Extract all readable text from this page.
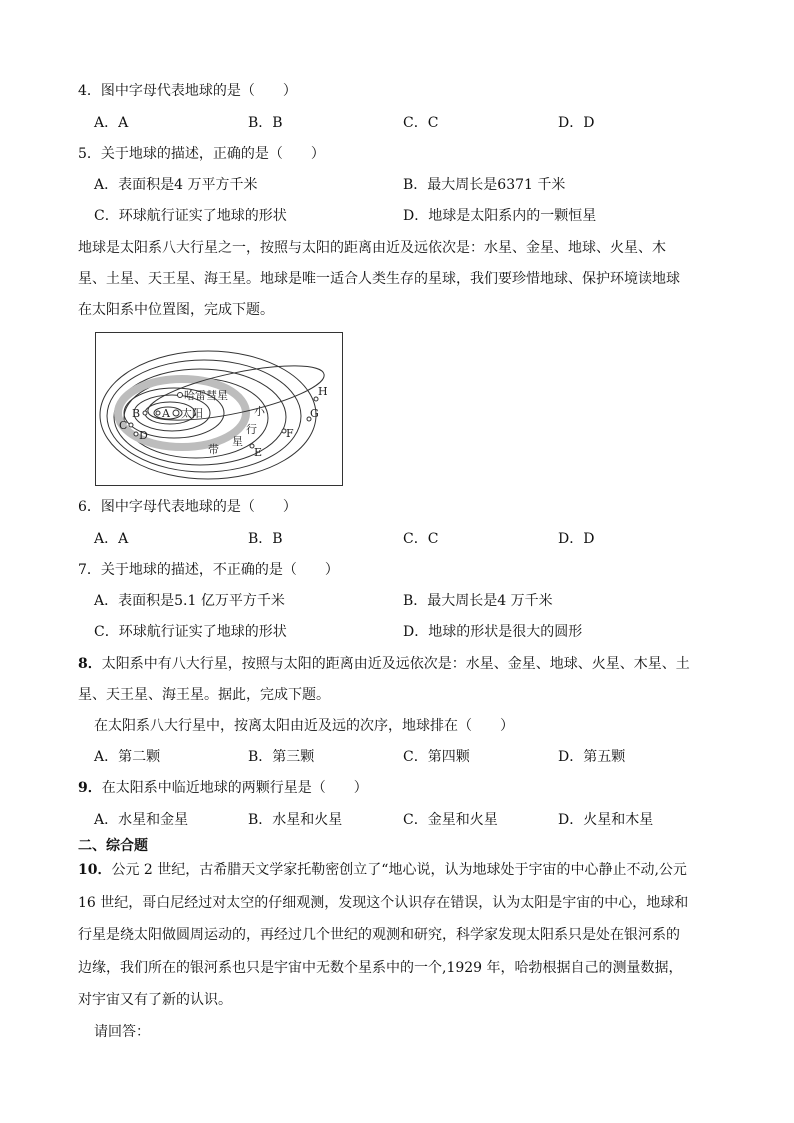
4．图中字母代表地球的是（　　）
A．A	B．B	C．C	D．D
5．关于地球的描述，正确的是（　　）
A．表面积是4 万平方千米	B．最大周长是6371 千米
C．环球航行证实了地球的形状	D．地球是太阳系内的一颗恒星
地球是太阳系八大行星之一，按照与太阳的距离由近及远依次是：水星、金星、地球、火星、木
星、土星、天王星、海王星。地球是唯一适合人类生存的星球，我们要珍惜地球、保护环境读地球
在太阳系中位置图，完成下题。
太阳
哈雷彗星
A
B
C
D
E
F
G
H
小
行
星
带
6．图中字母代表地球的是（　　）
A．A	B．B	C．C	D．D
7．关于地球的描述，不正确的是（　　）
A．表面积是5.1 亿万平方千米	B．最大周长是4 万千米
C．环球航行证实了地球的形状	D．地球的形状是很大的圆形
8．太阳系中有八大行星，按照与太阳的距离由近及远依次是：水星、金星、地球、火星、木星、土
星、天王星、海王星。据此，完成下题。
在太阳系八大行星中，按离太阳由近及远的次序，地球排在（　　）
A．第二颗	B．第三颗	C．第四颗	D．第五颗
9．在太阳系中临近地球的两颗行星是（　　）
A．水星和金星	B．水星和火星	C．金星和火星	D．火星和木星
二、综合题
10．公元 2 世纪，古希腊天文学家托勒密创立了“地心说，认为地球处于宇宙的中心静止不动,公元
16 世纪，哥白尼经过对太空的仔细观测，发现这个认识存在错误，认为太阳是宇宙的中心，地球和
行星是绕太阳做圆周运动的，再经过几个世纪的观测和研究，科学家发现太阳系只是处在银河系的
边缘，我们所在的银河系也只是宇宙中无数个星系中的一个,1929 年，哈勃根据自己的测量数据，
对宇宙又有了新的认识。
请回答：
